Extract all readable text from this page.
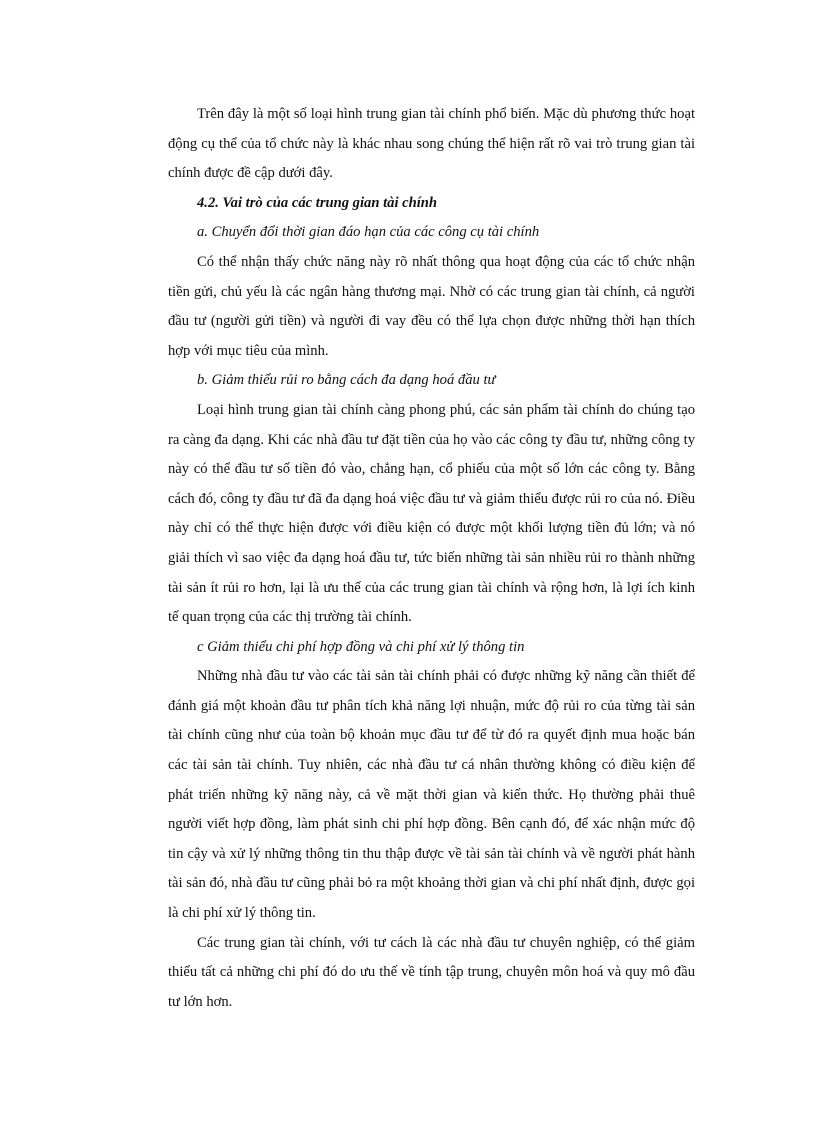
Trên đây là một số loại hình trung gian tài chính phổ biến. Mặc dù phương thức hoạt động cụ thể của tổ chức này là khác nhau song chúng thể hiện rất rõ vai trò trung gian tài chính được đề cập dưới đây.

4.2. Vai trò của các trung gian tài chính

a. Chuyển đổi thời gian đáo hạn của các công cụ tài chính

Có thể nhận thấy chức năng này rõ nhất thông qua hoạt động của các tổ chức nhận tiền gửi, chủ yếu là các ngân hàng thương mại. Nhờ có các trung gian tài chính, cả người đầu tư (người gửi tiền) và người đi vay đều có thể lựa chọn được những thời hạn thích hợp với mục tiêu của mình.

b. Giảm thiểu rủi ro bằng cách đa dạng hoá đầu tư

Loại hình trung gian tài chính càng phong phú, các sản phẩm tài chính do chúng tạo ra càng đa dạng. Khi các nhà đầu tư đặt tiền của họ vào các công ty đầu tư, những công ty này có thể đầu tư số tiền đó vào, chẳng hạn, cổ phiếu của một số lớn các công ty. Bằng cách đó, công ty đầu tư đã đa dạng hoá việc đầu tư và giảm thiểu được rủi ro của nó. Điều này chỉ có thể thực hiện được với điều kiện có được một khối lượng tiền đủ lớn; và nó giải thích vì sao việc đa dạng hoá đầu tư, tức biến những tài sản nhiều rủi ro thành những tài sản ít rủi ro hơn, lại là ưu thế của các trung gian tài chính và rộng hơn, là lợi ích kinh tế quan trọng của các thị trường tài chính.

c Giảm thiểu chi phí hợp đồng và chi phí xử lý thông tin

Những nhà đầu tư vào các tài sản tài chính phải có được những kỹ năng cần thiết để đánh giá một khoản đầu tư phân tích khả năng lợi nhuận, mức độ rủi ro của từng tài sản tài chính cũng như của toàn bộ khoản mục đầu tư để từ đó ra quyết định mua hoặc bán các tài sản tài chính. Tuy nhiên, các nhà đầu tư cá nhân thường không có điều kiện để phát triển những kỹ năng này, cả về mặt thời gian và kiến thức. Họ thường phải thuê người viết hợp đồng, làm phát sinh chi phí hợp đồng. Bên cạnh đó, để xác nhận mức độ tin cậy và xử lý những thông tin thu thập được về tài sản tài chính và về người phát hành tài sản đó, nhà đầu tư cũng phải bỏ ra một khoảng thời gian và chi phí nhất định, được gọi là chi phí xử lý thông tin.

Các trung gian tài chính, với tư cách là các nhà đầu tư chuyên nghiệp, có thể giảm thiểu tất cả những chi phí đó do ưu thế về tính tập trung, chuyên môn hoá và quy mô đầu tư lớn hơn.
